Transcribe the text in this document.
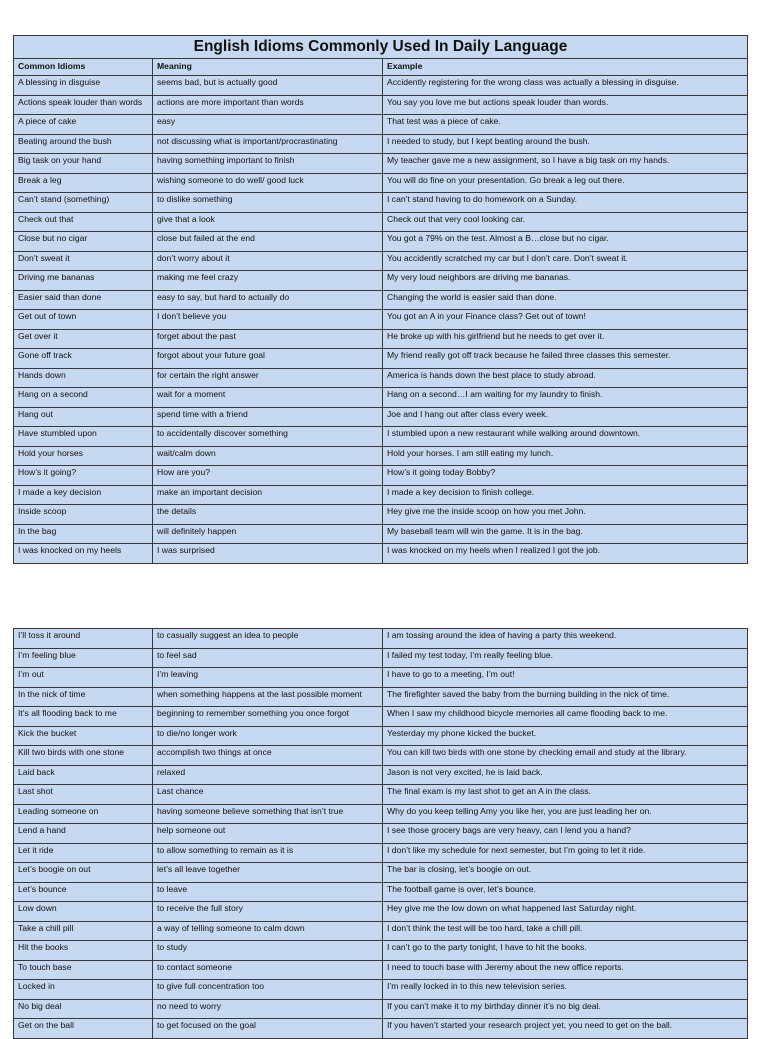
English Idioms Commonly Used In Daily Language		
Common Idioms	Meaning	Example
A blessing in disguise	seems bad, but is actually good	Accidently registering for the wrong class was actually a blessing in disguise.
Actions speak louder than words	actions are more important than words	You say you love me but actions speak louder than words.
A piece of cake	easy	That test was a piece of cake.
Beating around the bush	not discussing what is important/procrastinating	I needed to study, but I kept beating around the bush.
Big task on your hand	having something important to finish	My teacher gave me a new assignment, so I have a big task on my hands.
Break a leg	wishing someone to do well/ good luck	You will do fine on your presentation. Go break a leg out there.
Can’t stand (something)	to dislike something	I can’t stand having to do homework on a Sunday.
Check out that	give that a look	Check out that very cool looking car.
Close but no cigar	close but failed at the end	You got a 79% on the test. Almost a B…close but no cigar.
Don’t sweat it	don’t worry about it	You accidently scratched my car but I don’t care. Don’t sweat it.
Driving me bananas	making me feel crazy	My very loud neighbors are driving me bananas.
Easier said than done	easy to say, but hard to actually do	Changing the world is easier said than done.
Get out of town	I don’t believe you	You got an A in your Finance class? Get out of town!
Get over it	forget about the past	He broke up with his girlfriend but he needs to get over it.
Gone off track	forgot about your future goal	My friend really got off track because he failed three classes this semester.
Hands down	for certain the right answer	America is hands down the best place to study abroad.
Hang on a second	wait for a moment	Hang on a second…I am waiting for my laundry to finish.
Hang out	spend time with a friend	Joe and I hang out after class every week.
Have stumbled upon	to accidentally discover something	I stumbled upon a new restaurant while walking around downtown.
Hold your horses	wait/calm down	Hold your horses. I am still eating my lunch.
How’s it going?	How are you?	How’s it going today Bobby?
I made a key decision	make an important decision	I made a key decision to finish college.
Inside scoop	the details	Hey give me the inside scoop on how you met John.
In the bag	will definitely happen	My baseball team will win the game. It is in the bag.
I was knocked on my heels	I was surprised	I was knocked on my heels when I realized I got the job.
I’ll toss it around	to casually suggest an idea to people	I am tossing around the idea of having a party this weekend.
I’m feeling blue	to feel sad	I failed my test today, I’m really feeling blue.
I’m out	I’m leaving	I have to go to a meeting, I’m out!
In the nick of time	when something happens at the last possible moment	The firefighter saved the baby from the burning building in the nick of time.
It’s all flooding back to me	beginning to remember something you once forgot	When I saw my childhood bicycle memories all came flooding back to me.
Kick the bucket	to die/no longer work	Yesterday my phone kicked the bucket.
Kill two birds with one stone	accomplish two things at once	You can kill two birds with one stone by checking email and study at the library.
Laid back	relaxed	Jason is not very excited, he is laid back.
Last shot	Last chance	The final exam is my last shot to get an A in the class.
Leading someone on	having someone believe something that isn’t true	Why do you keep telling Amy you like her, you are just leading her on.
Lend a hand	help someone out	I see those grocery bags are very heavy, can I lend you a hand?
Let it ride	to allow something to remain as it is	I don’t like my schedule for next semester, but I’m going to let it ride.
Let’s boogie on out	let’s all leave together	The bar is closing, let’s boogie on out.
Let’s bounce	to leave	The football game is over, let’s bounce.
Low down	to receive the full story	Hey give me the low down on what happened last Saturday night.
Take a chill pill	a way of telling someone to calm down	I don’t think the test will be too hard, take a chill pill.
Hit the books	to study	I can’t go to the party tonight, I have to hit the books.
To touch base	to contact someone	I need to touch base with Jeremy about the new office reports.
Locked in	to give full concentration too	I’m really locked in to this new television series.
No big deal	no need to worry	If you can’t make it to my birthday dinner it’s no big deal.
Get on the ball	to get focused on the goal	If you haven’t started your research project yet, you need to get on the ball.
